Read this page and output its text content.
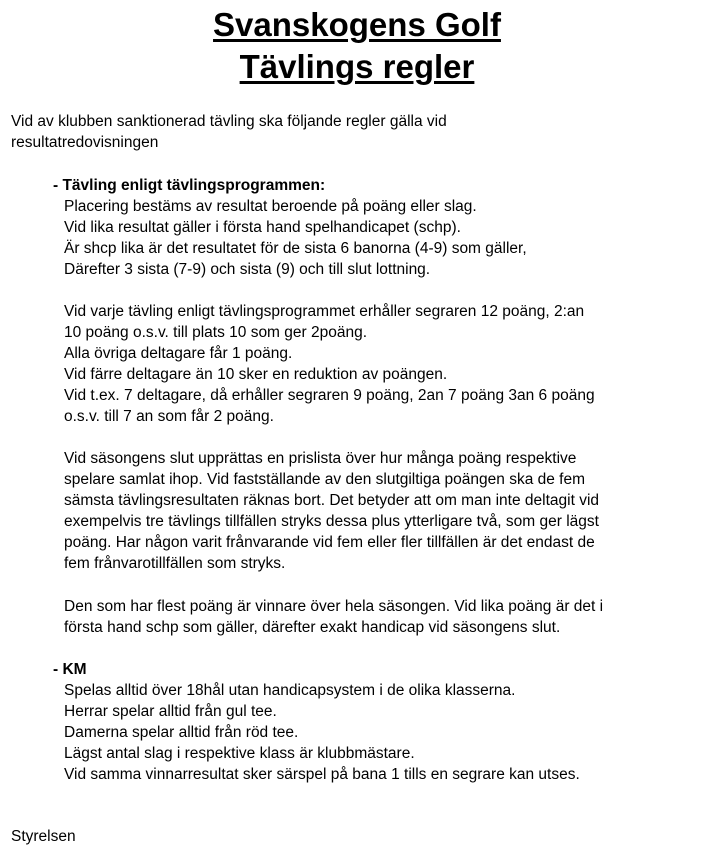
Svanskogens Golf
Tävlings regler
Vid av klubben sanktionerad tävling ska följande regler gälla vid
resultatredovisningen
- Tävling enligt tävlingsprogrammen:
Placering bestäms av resultat beroende på poäng eller slag.
Vid lika resultat gäller i första hand spelhandicapet (schp).
Är shcp lika är det resultatet för de sista 6 banorna (4-9) som gäller,
Därefter 3 sista (7-9) och sista (9) och till slut lottning.
Vid varje tävling enligt tävlingsprogrammet erhåller segraren 12 poäng, 2:an
10 poäng o.s.v. till plats 10 som ger 2poäng.
Alla övriga deltagare får 1 poäng.
Vid färre deltagare än 10 sker en reduktion av poängen.
Vid t.ex. 7 deltagare, då erhåller segraren 9 poäng, 2an 7 poäng 3an 6 poäng
o.s.v. till 7 an som får 2 poäng.
Vid säsongens slut upprättas en prislista över hur många poäng respektive
spelare samlat ihop. Vid fastställande av den slutgiltiga poängen ska de fem
sämsta tävlingsresultaten räknas bort. Det betyder att om man inte deltagit vid
exempelvis tre tävlings tillfällen stryks dessa plus ytterligare två, som ger lägst
poäng. Har någon varit frånvarande vid fem eller fler tillfällen är det endast de
fem frånvarotillfällen som stryks.
Den som har flest poäng är vinnare över hela säsongen. Vid lika poäng är det i
första hand schp som gäller, därefter exakt handicap vid säsongens slut.
- KM
Spelas alltid över 18hål utan handicapsystem i de olika klasserna.
Herrar spelar alltid från gul tee.
Damerna spelar alltid från röd tee.
Lägst antal slag i respektive klass är klubbmästare.
Vid samma vinnarresultat sker särspel på bana 1 tills en segrare kan utses.
Styrelsen
